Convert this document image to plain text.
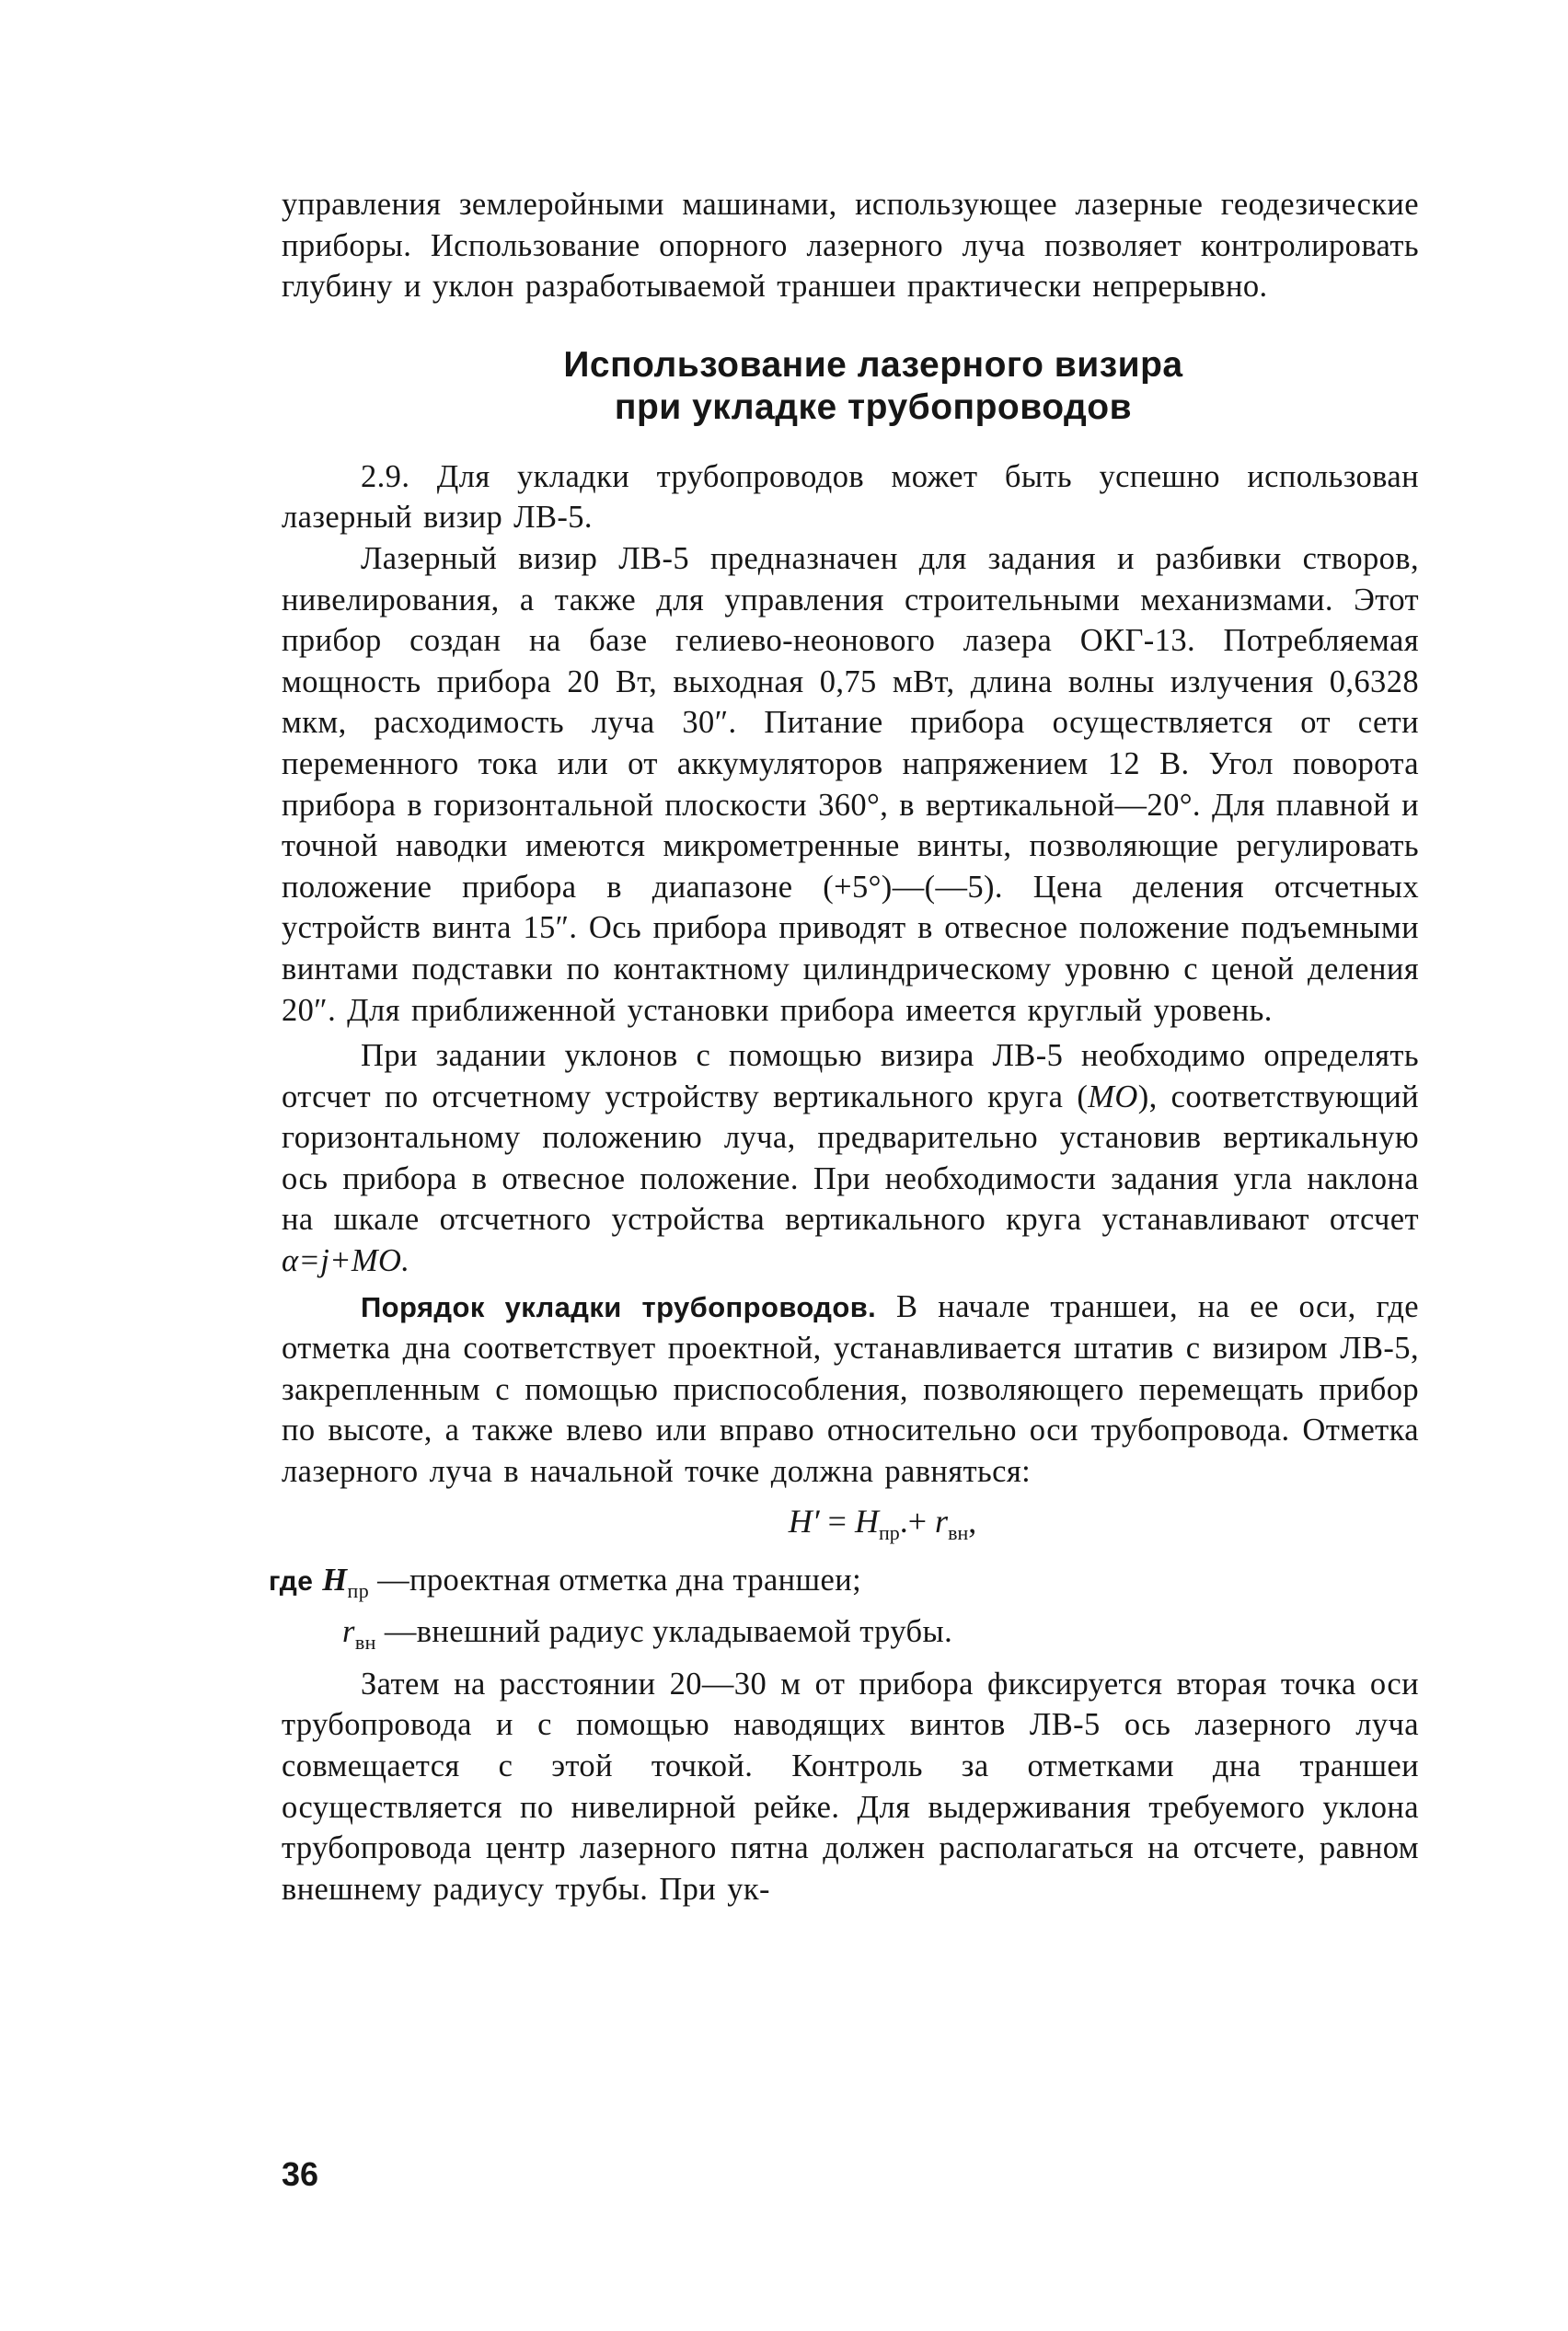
управления землеройными машинами, использующее лазерные геодезические приборы. Использование опорного лазерного луча позволяет контролировать глубину и уклон разработываемой траншеи практически непрерывно.

Использование лазерного визира

при укладке трубопроводов

2.9. Для укладки трубопроводов может быть успешно использован лазерный визир ЛВ-5.

Лазерный визир ЛВ-5 предназначен для задания и разбивки створов, нивелирования, а также для управления строительными механизмами. Этот прибор создан на базе гелиево-неонового лазера ОКГ-13. Потребляемая мощность прибора 20 Вт, выходная 0,75 мВт, длина волны излучения 0,6328 мкм, расходимость луча 30″. Питание прибора осуществляется от сети переменного тока или от аккумуляторов напряжением 12 В. Угол поворота прибора в горизонтальной плоскости 360°, в вертикальной—20°. Для плавной и точной наводки имеются микрометренные винты, позволяющие регулировать положение прибора в диапазоне (+5°)—(—5). Цена деления отсчетных устройств винта 15″. Ось прибора приводят в отвесное положение подъемными винтами подставки по контактному цилиндрическому уровню с ценой деления 20″. Для приближенной установки прибора имеется круглый уровень.

При задании уклонов с помощью визира ЛВ-5 необходимо определять отсчет по отсчетному устройству вертикального круга (МО), соответствующий горизонтальному положению луча, предварительно установив вертикальную ось прибора в отвесное положение. При необходимости задания угла наклона на шкале отсчетного устройства вертикального круга устанавливают отсчет α=j+MO.

Порядок укладки трубопроводов. В начале траншеи, на ее оси, где отметка дна соответствует проектной, устанавливается штатив с визиром ЛВ-5, закрепленным с помощью приспособления, позволяющего перемещать прибор по высоте, а также влево или вправо относительно оси трубопровода. Отметка лазерного луча в начальной точке должна равняться:

$H' = H_{пр}.+ r_{вн}$,

где $H_{пр}$ — проектная отметка дна траншеи;
$r_{вн}$ — внешний радиус укладываемой трубы.

Затем на расстоянии 20—30 м от прибора фиксируется вторая точка оси трубопровода и с помощью наводящих винтов ЛВ-5 ось лазерного луча совмещается с этой точкой. Контроль за отметками дна траншеи осуществляется по нивелирной рейке. Для выдерживания требуемого уклона трубопровода центр лазерного пятна должен располагаться на отсчете, равном внешнему радиусу трубы. При ук-

36
